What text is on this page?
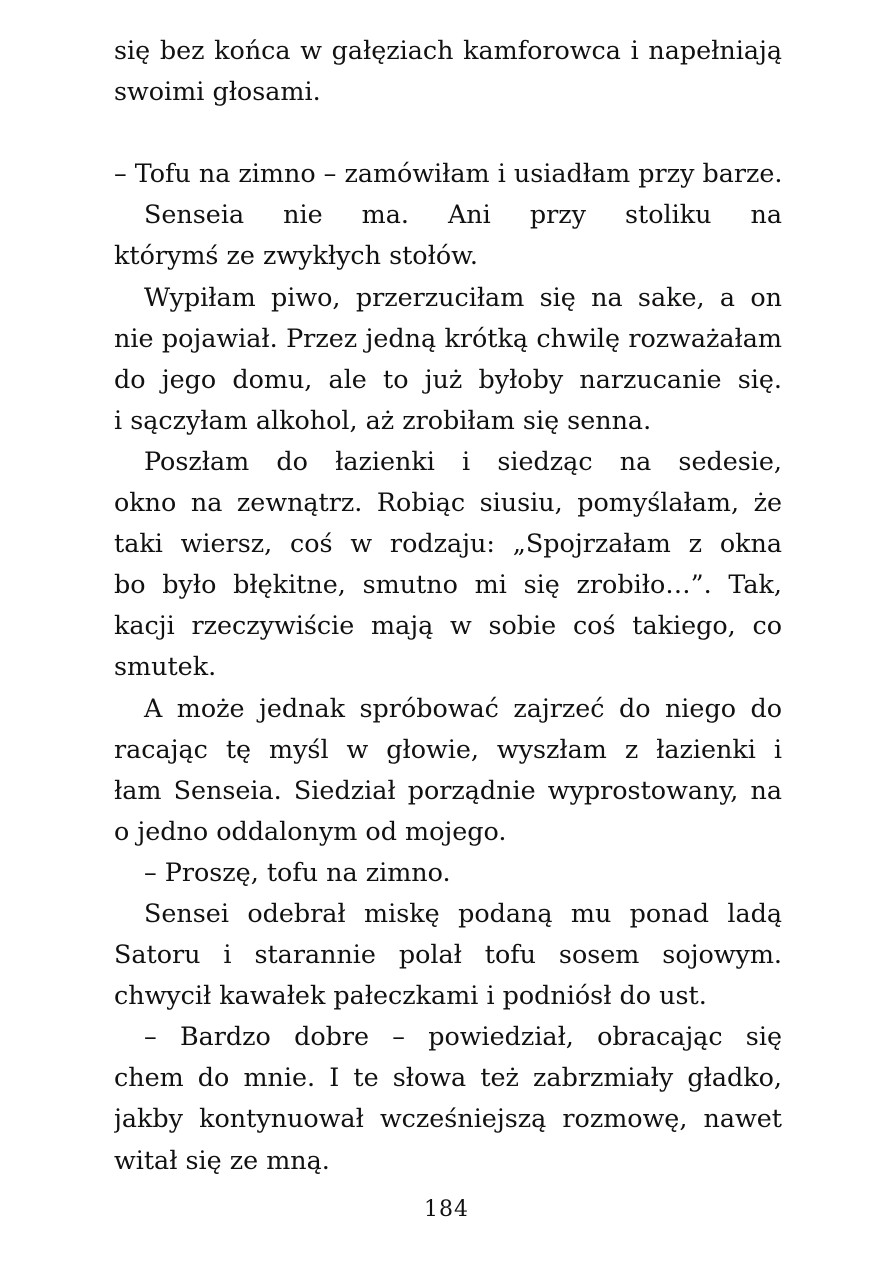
się bez końca w gałęziach kamforowca i napełniają
swoimi głosami.
– Tofu na zimno – zamówiłam i usiadłam przy barze.
Senseia nie ma. Ani przy stoliku na
którymś ze zwykłych stołów.
Wypiłam piwo, przerzuciłam się na sake, a on
nie pojawiał. Przez jedną krótką chwilę rozważałam
do jego domu, ale to już byłoby narzucanie się.
i sączyłam alkohol, aż zrobiłam się senna.
Poszłam do łazienki i siedząc na sedesie,
okno na zewnątrz. Robiąc siusiu, pomyślałam, że
taki wiersz, coś w rodzaju: „Spojrzałam z okna
bo było błękitne, smutno mi się zrobiło…”. Tak,
kacji rzeczywiście mają w sobie coś takiego, co
smutek.
A może jednak spróbować zajrzeć do niego do
racając tę myśl w głowie, wyszłam z łazienki i
łam Senseia. Siedział porządnie wyprostowany, na
o jedno oddalonym od mojego.
– Proszę, tofu na zimno.
Sensei odebrał miskę podaną mu ponad ladą
Satoru i starannie polał tofu sosem sojowym.
chwycił kawałek pałeczkami i podniósł do ust.
– Bardzo dobre – powiedział, obracając się
chem do mnie. I te słowa też zabrzmiały gładko,
jakby kontynuował wcześniejszą rozmowę, nawet
witał się ze mną.
184
